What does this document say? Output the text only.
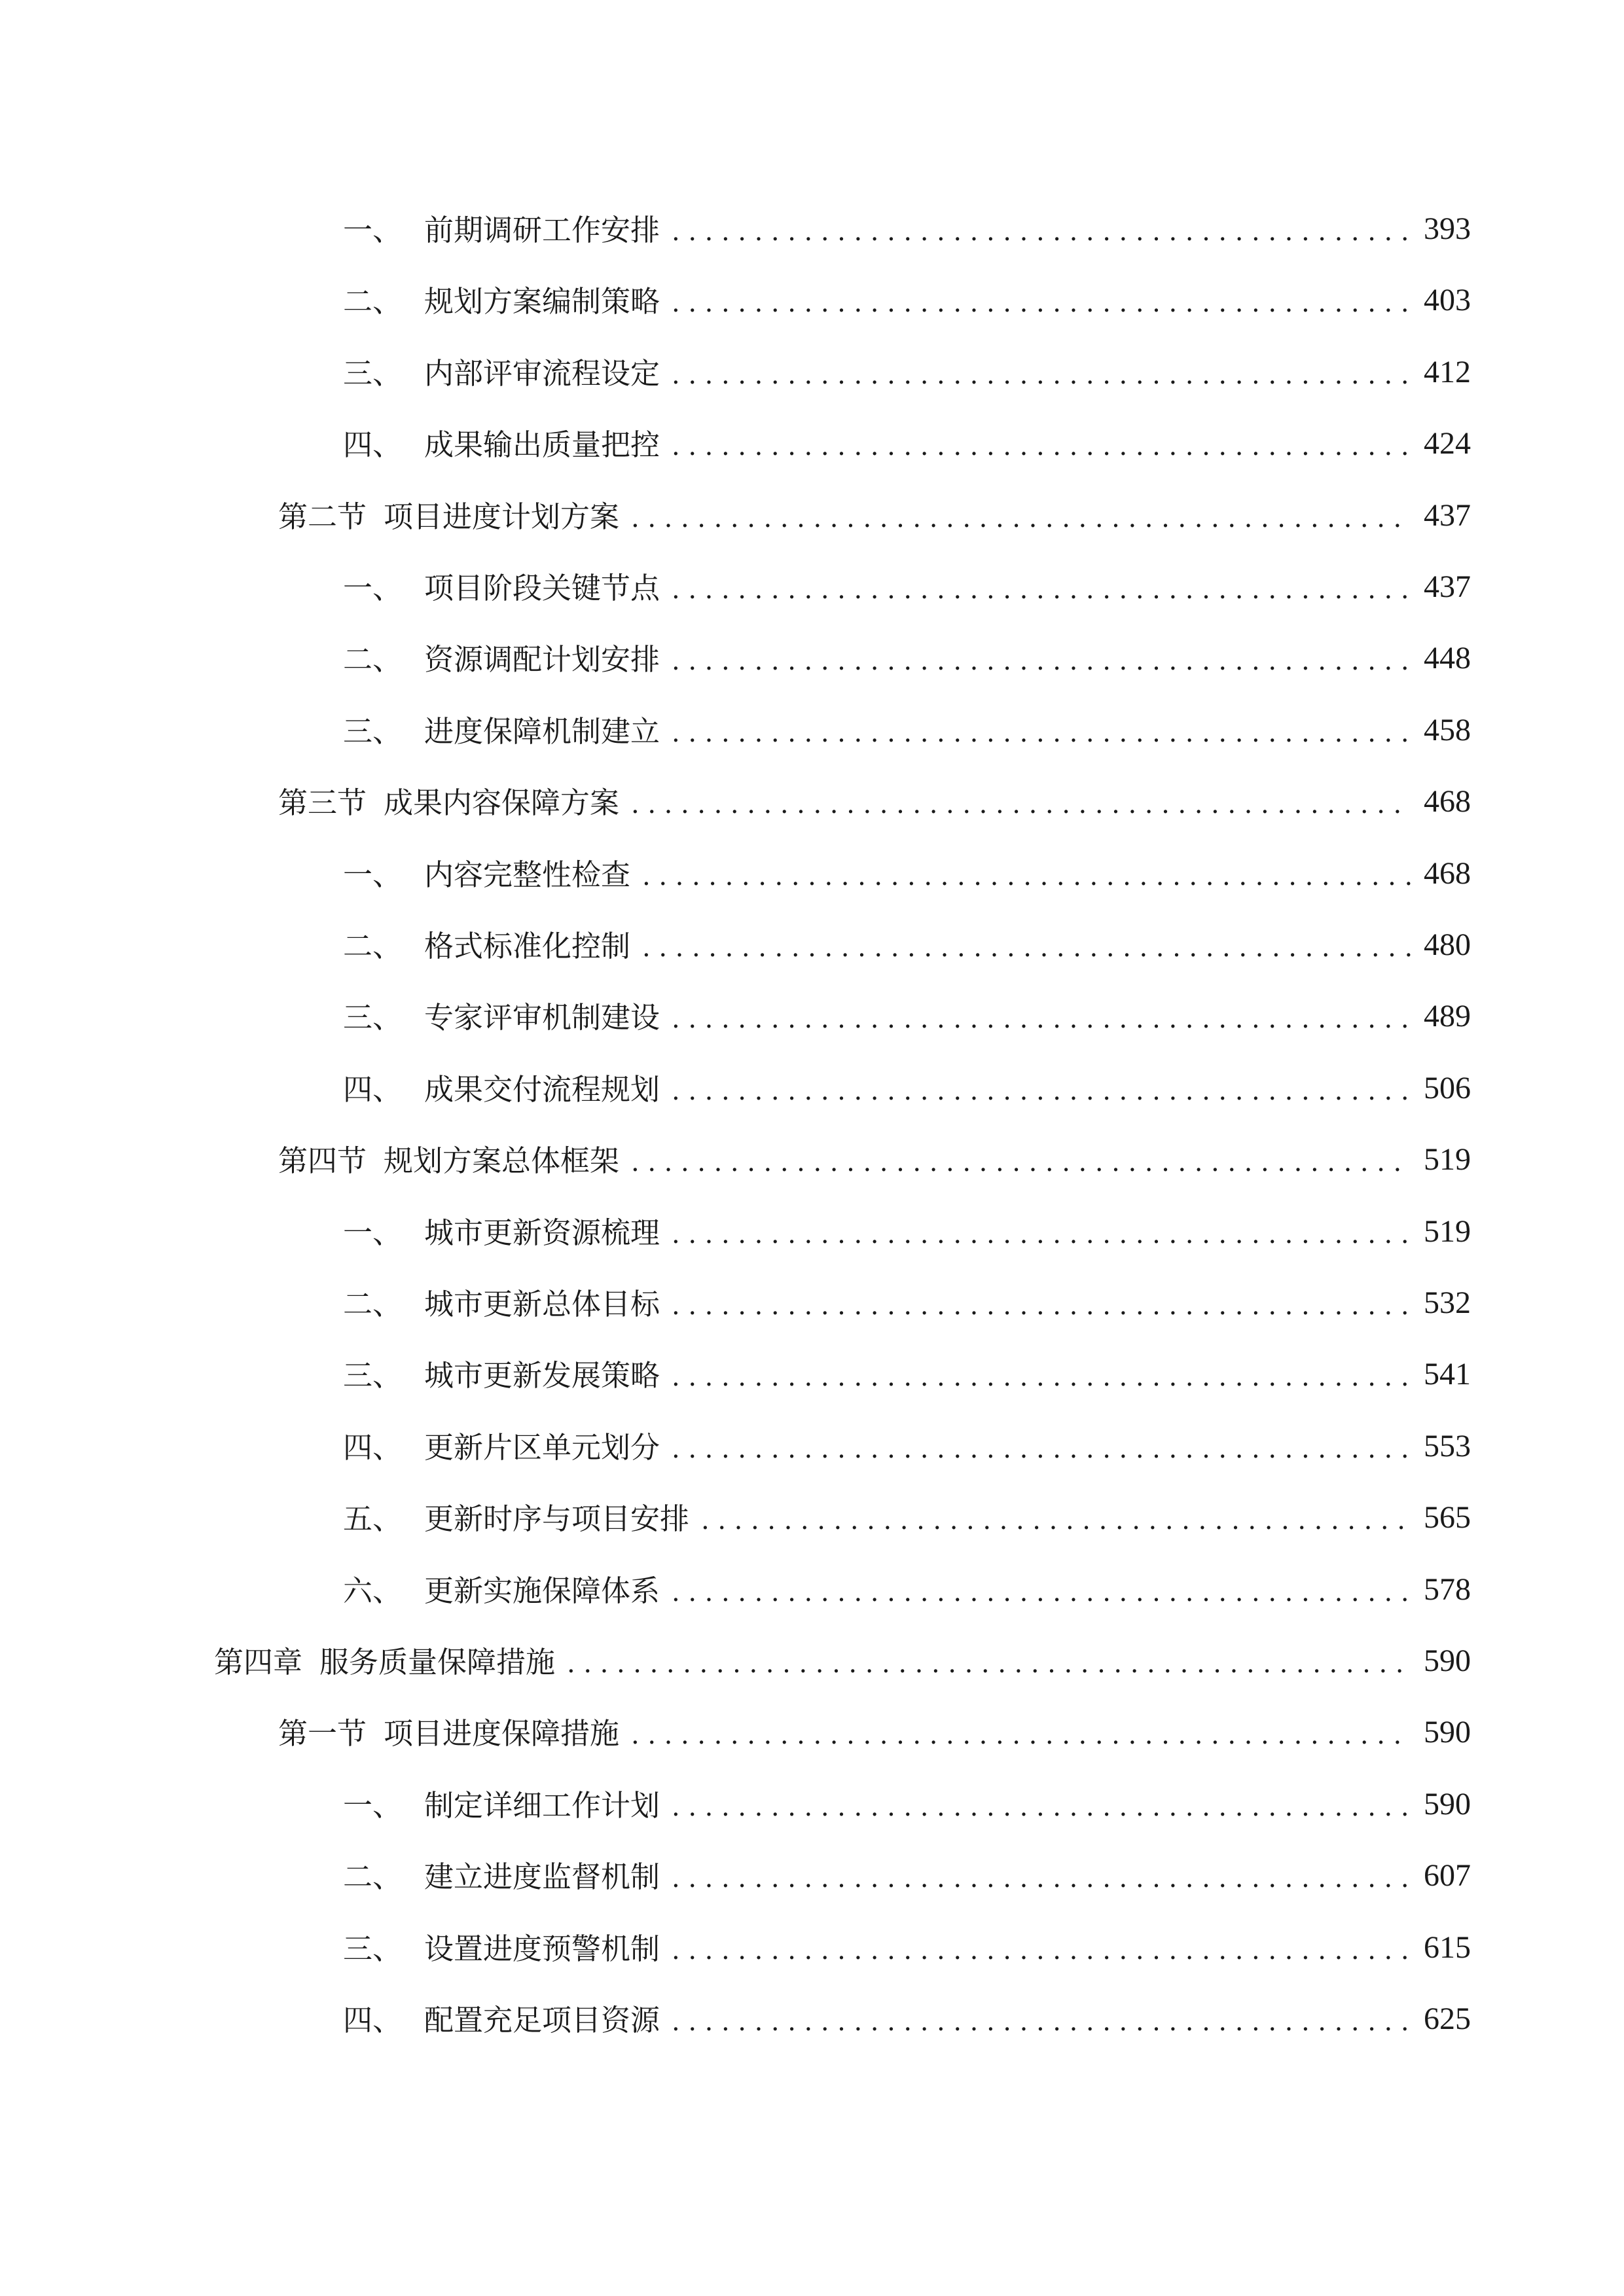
一、 前期调研工作安排 .....	393
二、 规划方案编制策略 .....	403
三、 内部评审流程设定 .....	412
四、 成果输出质量把控 .....	424
第二节 项目进度计划方案 .....	437
一、 项目阶段关键节点 .....	437
二、 资源调配计划安排 .....	448
三、 进度保障机制建立 .....	458
第三节 成果内容保障方案 .....	468
一、 内容完整性检查 .....	468
二、 格式标准化控制 .....	480
三、 专家评审机制建设 .....	489
四、 成果交付流程规划 .....	506
第四节 规划方案总体框架 .....	519
一、 城市更新资源梳理 .....	519
二、 城市更新总体目标 .....	532
三、 城市更新发展策略 .....	541
四、 更新片区单元划分 .....	553
五、 更新时序与项目安排 .....	565
六、 更新实施保障体系 .....	578
第四章 服务质量保障措施 .....	590
第一节 项目进度保障措施 .....	590
一、 制定详细工作计划 .....	590
二、 建立进度监督机制 .....	607
三、 设置进度预警机制 .....	615
四、 配置充足项目资源 .....	625
